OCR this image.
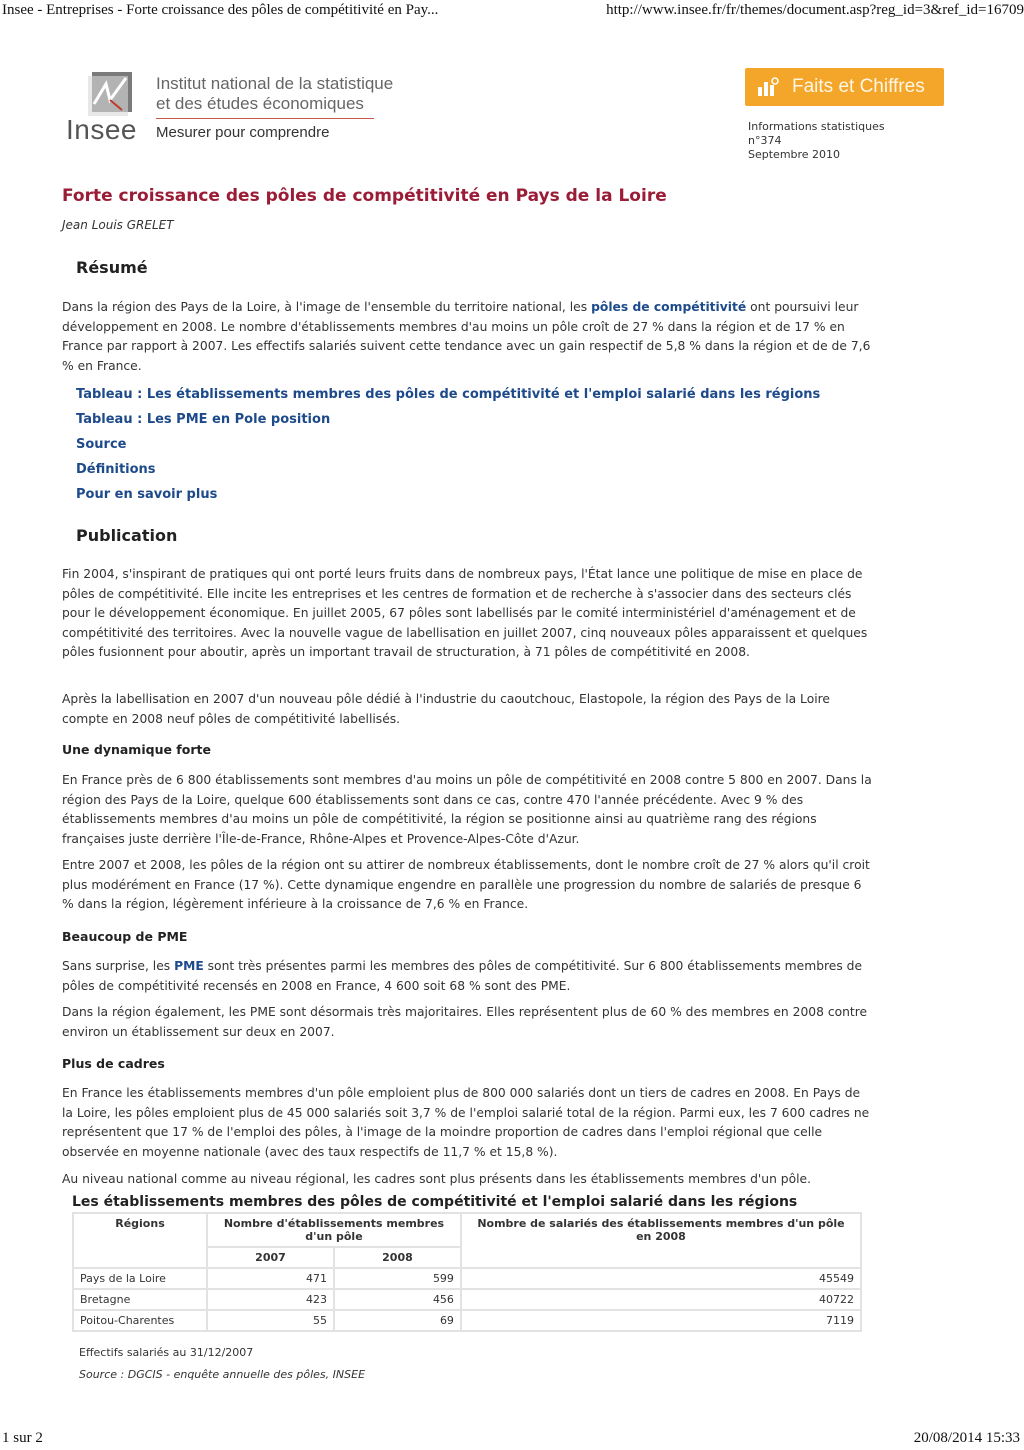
Insee - Entreprises - Forte croissance des pôles de compétitivité en Pay...	http://www.insee.fr/fr/themes/document.asp?reg_id=3&ref_id=16709
Insee
Institut national de la statistique
et des études économiques
Mesurer pour comprendre
Faits et Chiffres
Informations statistiques
n°374
Septembre 2010
Forte croissance des pôles de compétitivité en Pays de la Loire
Jean Louis GRELET
Résumé

Dans la région des Pays de la Loire, à l'image de l'ensemble du territoire national, les pôles de compétitivité ont poursuivi leur développement en 2008. Le nombre d'établissements membres d'au moins un pôle croît de 27 % dans la région et de 17 % en France par rapport à 2007. Les effectifs salariés suivent cette tendance avec un gain respectif de 5,8 % dans la région et de de 7,6 % en France.

Tableau : Les établissements membres des pôles de compétitivité et l'emploi salarié dans les régions
Tableau : Les PME en Pole position
Source
Définitions
Pour en savoir plus
Publication

Fin 2004, s'inspirant de pratiques qui ont porté leurs fruits dans de nombreux pays, l'État lance une politique de mise en place de pôles de compétitivité. Elle incite les entreprises et les centres de formation et de recherche à s'associer dans des secteurs clés pour le développement économique. En juillet 2005, 67 pôles sont labellisés par le comité interministériel d'aménagement et de compétitivité des territoires. Avec la nouvelle vague de labellisation en juillet 2007, cinq nouveaux pôles apparaissent et quelques pôles fusionnent pour aboutir, après un important travail de structuration, à 71 pôles de compétitivité en 2008.

Après la labellisation en 2007 d'un nouveau pôle dédié à l'industrie du caoutchouc, Elastopole, la région des Pays de la Loire compte en 2008 neuf pôles de compétitivité labellisés.

Une dynamique forte

En France près de 6 800 établissements sont membres d'au moins un pôle de compétitivité en 2008 contre 5 800 en 2007. Dans la région des Pays de la Loire, quelque 600 établissements sont dans ce cas, contre 470 l'année précédente. Avec 9 % des établissements membres d'au moins un pôle de compétitivité, la région se positionne ainsi au quatrième rang des régions françaises juste derrière l'Île-de-France, Rhône-Alpes et Provence-Alpes-Côte d'Azur.

Entre 2007 et 2008, les pôles de la région ont su attirer de nombreux établissements, dont le nombre croît de 27 % alors qu'il croit plus modérément en France (17 %). Cette dynamique engendre en parallèle une progression du nombre de salariés de presque 6 % dans la région, légèrement inférieure à la croissance de 7,6 % en France.

Beaucoup de PME

Sans surprise, les PME sont très présentes parmi les membres des pôles de compétitivité. Sur 6 800 établissements membres de pôles de compétitivité recensés en 2008 en France, 4 600 soit 68 % sont des PME.

Dans la région également, les PME sont désormais très majoritaires. Elles représentent plus de 60 % des membres en 2008 contre environ un établissement sur deux en 2007.

Plus de cadres

En France les établissements membres d'un pôle emploient plus de 800 000 salariés dont un tiers de cadres en 2008. En Pays de la Loire, les pôles emploient plus de 45 000 salariés soit 3,7 % de l'emploi salarié total de la région. Parmi eux, les 7 600 cadres ne représentent que 17 % de l'emploi des pôles, à l'image de la moindre proportion de cadres dans l'emploi régional que celle observée en moyenne nationale (avec des taux respectifs de 11,7 % et 15,8 %).

Au niveau national comme au niveau régional, les cadres sont plus présents dans les établissements membres d'un pôle.

Les établissements membres des pôles de compétitivité et l'emploi salarié dans les régions
Régions	Nombre d'établissements membres d'un pôle		Nombre de salariés des établissements membres d'un pôle en 2008
	2007	2008	
Pays de la Loire	471	599	45549
Bretagne	423	456	40722
Poitou-Charentes	55	69	7119
Effectifs salariés au 31/12/2007
Source : DGCIS - enquête annuelle des pôles, INSEE
1 sur 2	20/08/2014 15:33
